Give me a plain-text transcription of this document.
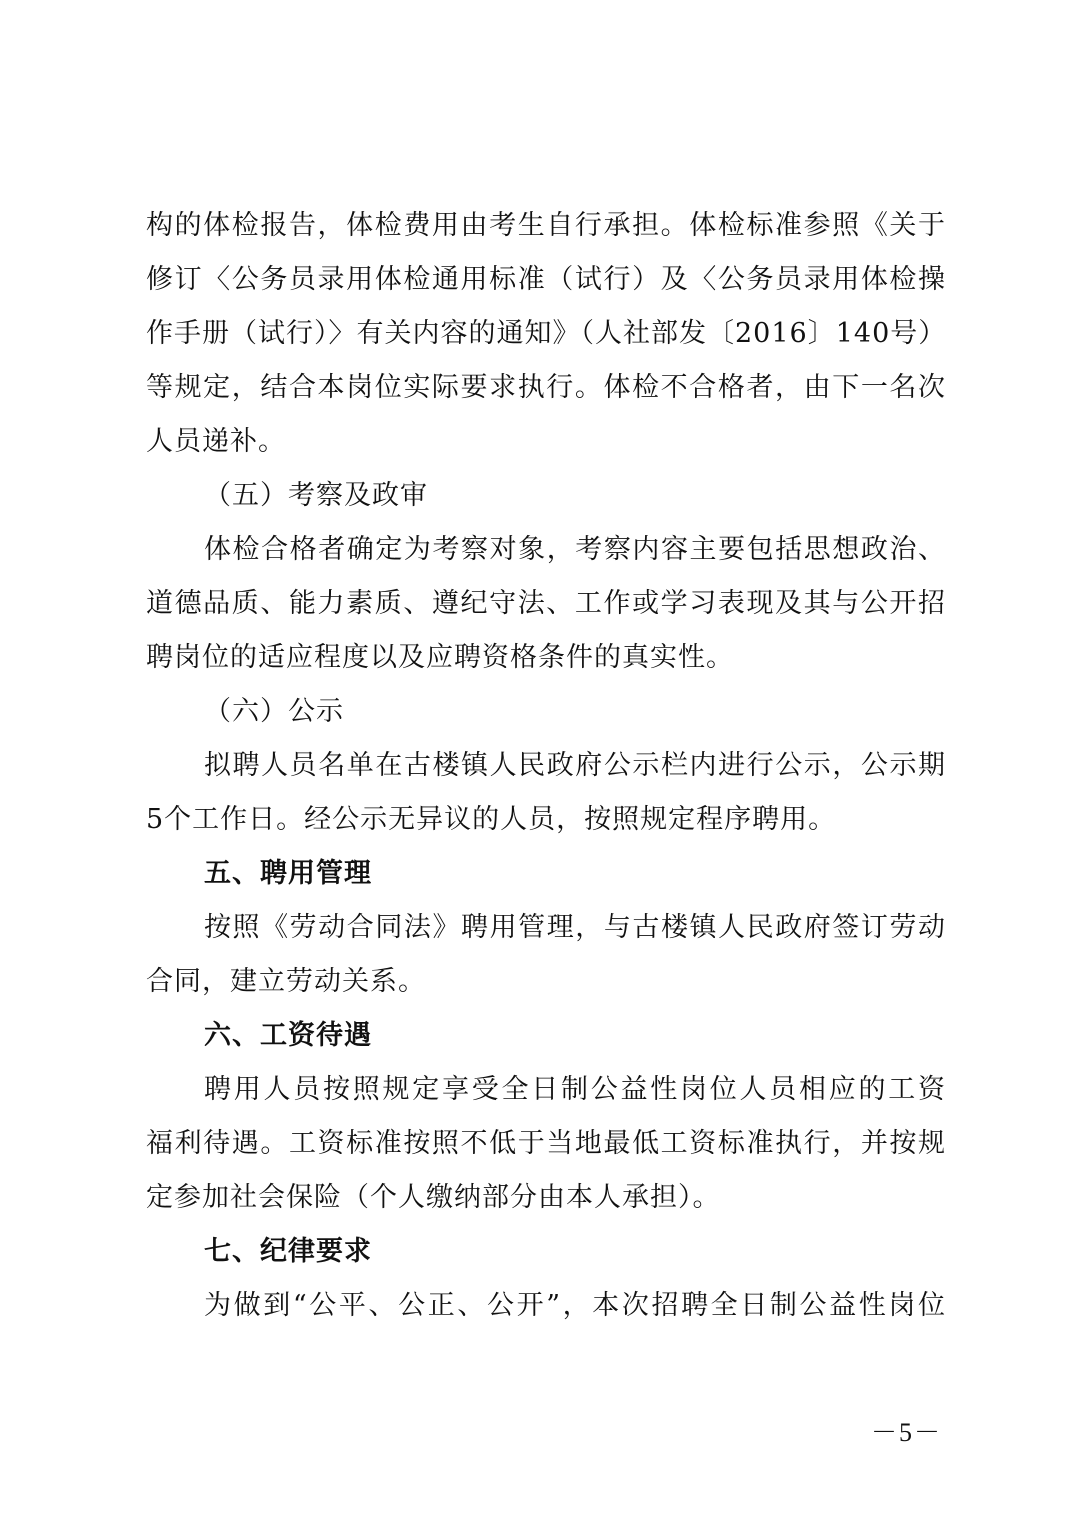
构的体检报告，体检费用由考生自行承担。体检标准参照《关于
修订〈公务员录用体检通用标准（试行）及〈公务员录用体检操
作手册（试行）〉有关内容的通知》（人社部发〔2016〕140号）
等规定，结合本岗位实际要求执行。体检不合格者，由下一名次
人员递补。
（五）考察及政审
体检合格者确定为考察对象，考察内容主要包括思想政治、
道德品质、能力素质、遵纪守法、工作或学习表现及其与公开招
聘岗位的适应程度以及应聘资格条件的真实性。
（六）公示
拟聘人员名单在古楼镇人民政府公示栏内进行公示，公示期
5个工作日。经公示无异议的人员，按照规定程序聘用。
五、聘用管理
按照《劳动合同法》聘用管理，与古楼镇人民政府签订劳动
合同，建立劳动关系。
六、工资待遇
聘用人员按照规定享受全日制公益性岗位人员相应的工资
福利待遇。工资标准按照不低于当地最低工资标准执行，并按规
定参加社会保险（个人缴纳部分由本人承担）。
七、纪律要求
为做到“公平、公正、公开”，本次招聘全日制公益性岗位
－5－
